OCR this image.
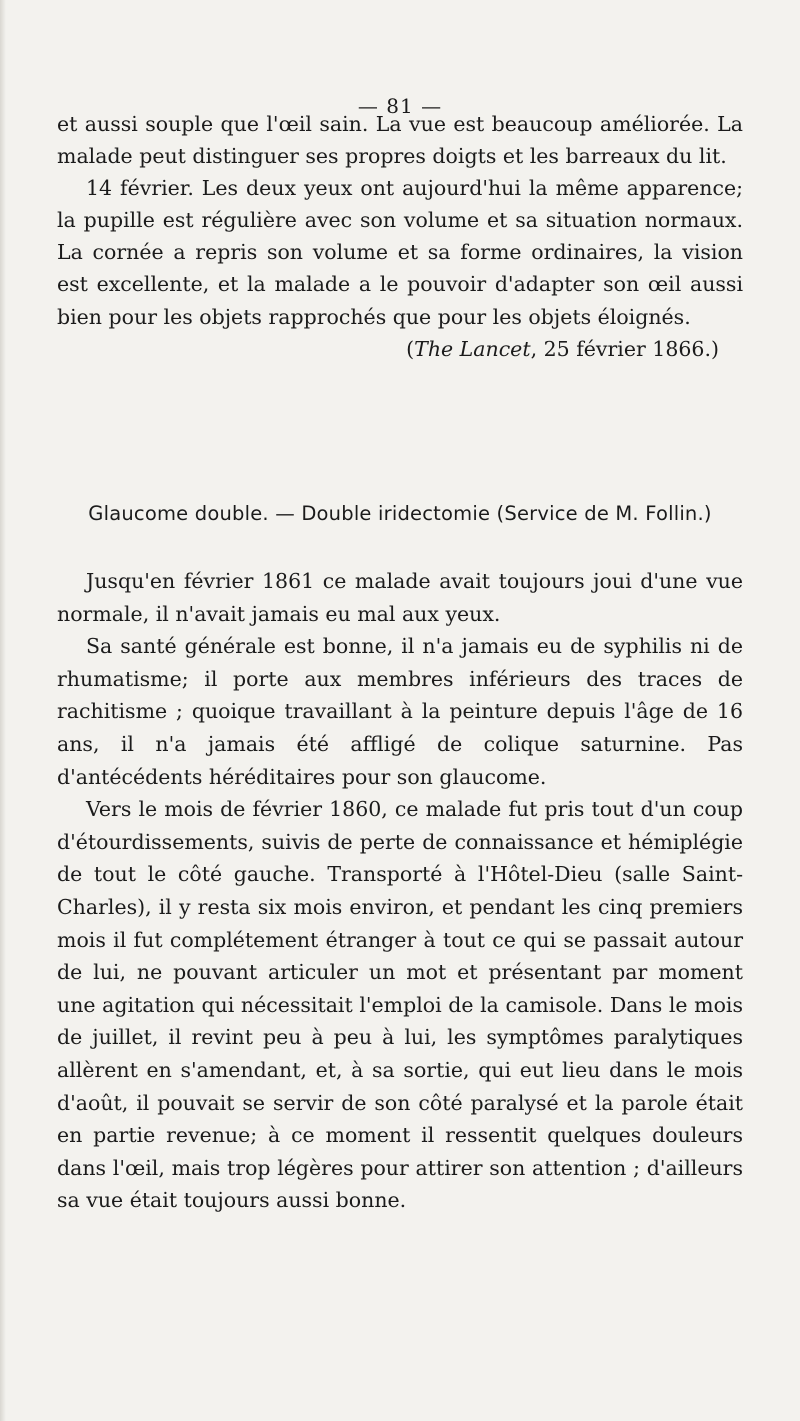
— 81 —

et aussi souple que l'œil sain. La vue est beaucoup améliorée. La malade peut distinguer ses propres doigts et les barreaux du lit.

14 février. Les deux yeux ont aujourd'hui la même apparence; la pupille est régulière avec son volume et sa situation normaux. La cornée a repris son volume et sa forme ordinaires, la vision est excellente, et la malade a le pouvoir d'adapter son œil aussi bien pour les objets rapprochés que pour les objets éloignés.

(The Lancet, 25 février 1866.)

Glaucome double. — Double iridectomie (Service de M. Follin.)

Jusqu'en février 1861 ce malade avait toujours joui d'une vue normale, il n'avait jamais eu mal aux yeux.

Sa santé générale est bonne, il n'a jamais eu de syphilis ni de rhumatisme; il porte aux membres inférieurs des traces de rachitisme ; quoique travaillant à la peinture depuis l'âge de 16 ans, il n'a jamais été affligé de colique saturnine. Pas d'antécédents héréditaires pour son glaucome.

Vers le mois de février 1860, ce malade fut pris tout d'un coup d'étourdissements, suivis de perte de connaissance et hémiplégie de tout le côté gauche. Transporté à l'Hôtel-Dieu (salle Saint-Charles), il y resta six mois environ, et pendant les cinq premiers mois il fut complétement étranger à tout ce qui se passait autour de lui, ne pouvant articuler un mot et présentant par moment une agitation qui nécessitait l'emploi de la camisole. Dans le mois de juillet, il revint peu à peu à lui, les symptômes paralytiques allèrent en s'amendant, et, à sa sortie, qui eut lieu dans le mois d'août, il pouvait se servir de son côté paralysé et la parole était en partie revenue; à ce moment il ressentit quelques douleurs dans l'œil, mais trop légères pour attirer son attention ; d'ailleurs sa vue était toujours aussi bonne.
